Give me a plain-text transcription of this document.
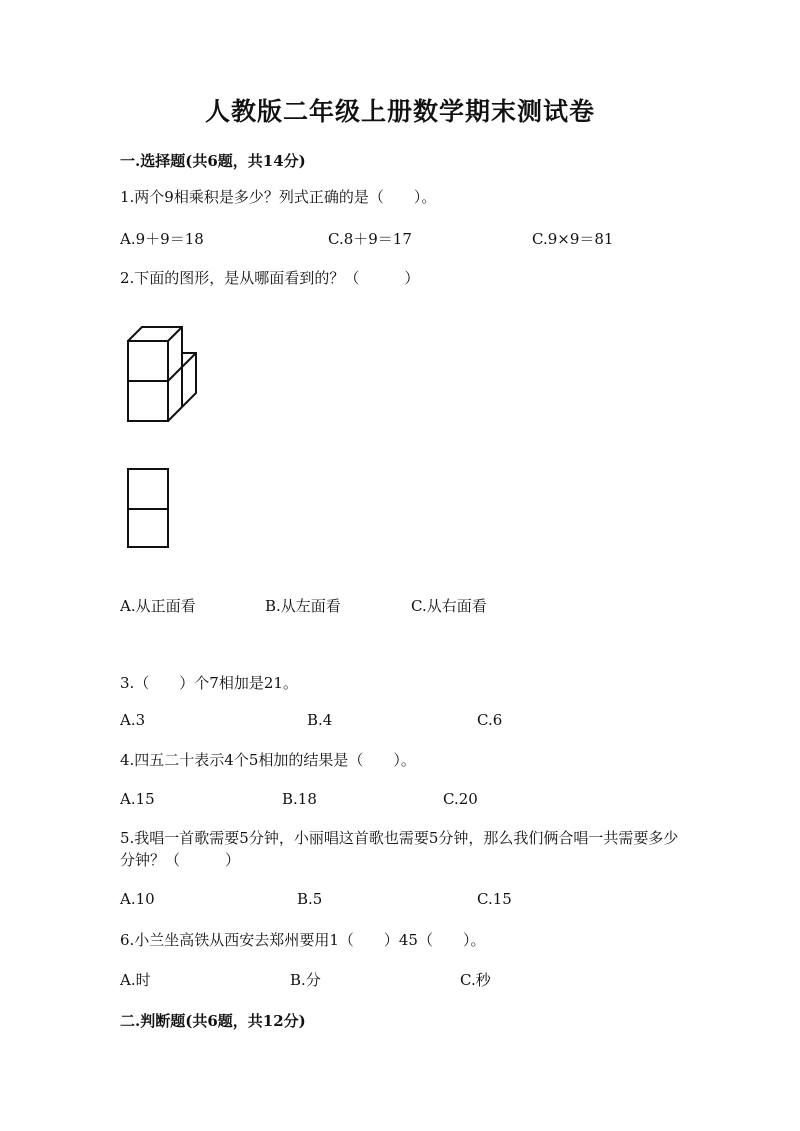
人教版二年级上册数学期末测试卷
一.选择题(共6题，共14分)
1.两个9相乘积是多少？列式正确的是（　　）。
A.9＋9＝18	C.8＋9＝17	C.9×9＝81
2.下面的图形，是从哪面看到的？（　　　）
A.从正面看	B.从左面看	C.从右面看
3.（　　）个7相加是21。
A.3	B.4	C.6
4.四五二十表示4个5相加的结果是（　　）。
A.15	B.18	C.20
5.我唱一首歌需要5分钟，小丽唱这首歌也需要5分钟，那么我们俩合唱一共需要多少分钟？（　　　）
A.10	B.5	C.15
6.小兰坐高铁从西安去郑州要用1（　　）45（　　）。
A.时	B.分	C.秒
二.判断题(共6题，共12分)
